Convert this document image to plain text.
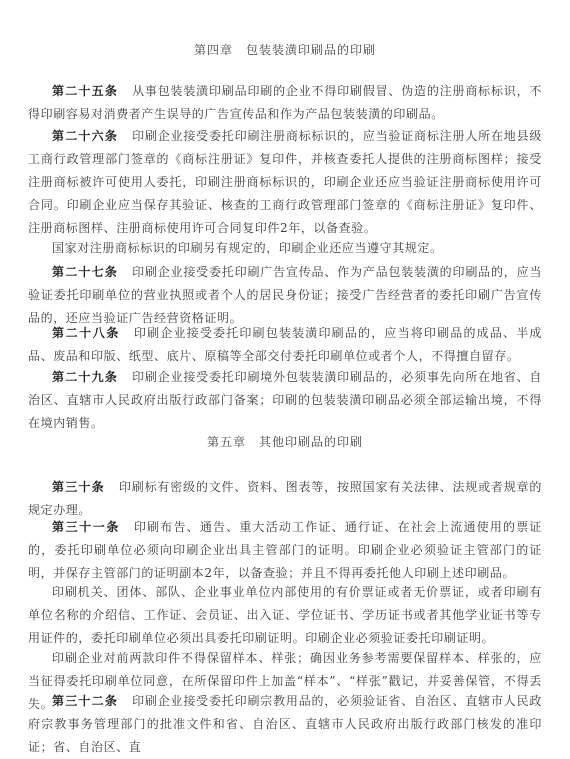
第四章　包装装潢印刷品的印刷

第二十五条 从事包装装潢印刷品印刷的企业不得印刷假冒、伪造的注册商标标识，不得印刷容易对消费者产生误导的广告宣传品和作为产品包装装潢的印刷品。

第二十六条 印刷企业接受委托印刷注册商标标识的，应当验证商标注册人所在地县级工商行政管理部门签章的《商标注册证》复印件，并核查委托人提供的注册商标图样；接受注册商标被许可使用人委托，印刷注册商标标识的，印刷企业还应当验证注册商标使用许可合同。印刷企业应当保存其验证、核查的工商行政管理部门签章的《商标注册证》复印件、注册商标图样、注册商标使用许可合同复印件2年，以备查验。

国家对注册商标标识的印刷另有规定的，印刷企业还应当遵守其规定。

第二十七条 印刷企业接受委托印刷广告宣传品、作为产品包装装潢的印刷品的，应当验证委托印刷单位的营业执照或者个人的居民身份证；接受广告经营者的委托印刷广告宣传品的，还应当验证广告经营资格证明。

第二十八条 印刷企业接受委托印刷包装装潢印刷品的，应当将印刷品的成品、半成品、废品和印版、纸型、底片、原稿等全部交付委托印刷单位或者个人，不得擅自留存。

第二十九条 印刷企业接受委托印刷境外包装装潢印刷品的，必须事先向所在地省、自治区、直辖市人民政府出版行政部门备案；印刷的包装装潢印刷品必须全部运输出境，不得在境内销售。

第五章　其他印刷品的印刷

第三十条 印刷标有密级的文件、资料、图表等，按照国家有关法律、法规或者规章的规定办理。

第三十一条 印刷布告、通告、重大活动工作证、通行证、在社会上流通使用的票证的，委托印刷单位必须向印刷企业出具主管部门的证明。印刷企业必须验证主管部门的证明，并保存主管部门的证明副本2年，以备查验；并且不得再委托他人印刷上述印刷品。

印刷机关、团体、部队、企业事业单位内部使用的有价票证或者无价票证，或者印刷有单位名称的介绍信、工作证、会员证、出入证、学位证书、学历证书或者其他学业证书等专用证件的，委托印刷单位必须出具委托印刷证明。印刷企业必须验证委托印刷证明。

印刷企业对前两款印件不得保留样本、样张；确因业务参考需要保留样本、样张的，应当征得委托印刷单位同意，在所保留印件上加盖“样本”、“样张”戳记，并妥善保管，不得丢失。

第三十二条 印刷企业接受委托印刷宗教用品的，必须验证省、自治区、直辖市人民政府宗教事务管理部门的批准文件和省、自治区、直辖市人民政府出版行政部门核发的准印证；省、自治区、直
